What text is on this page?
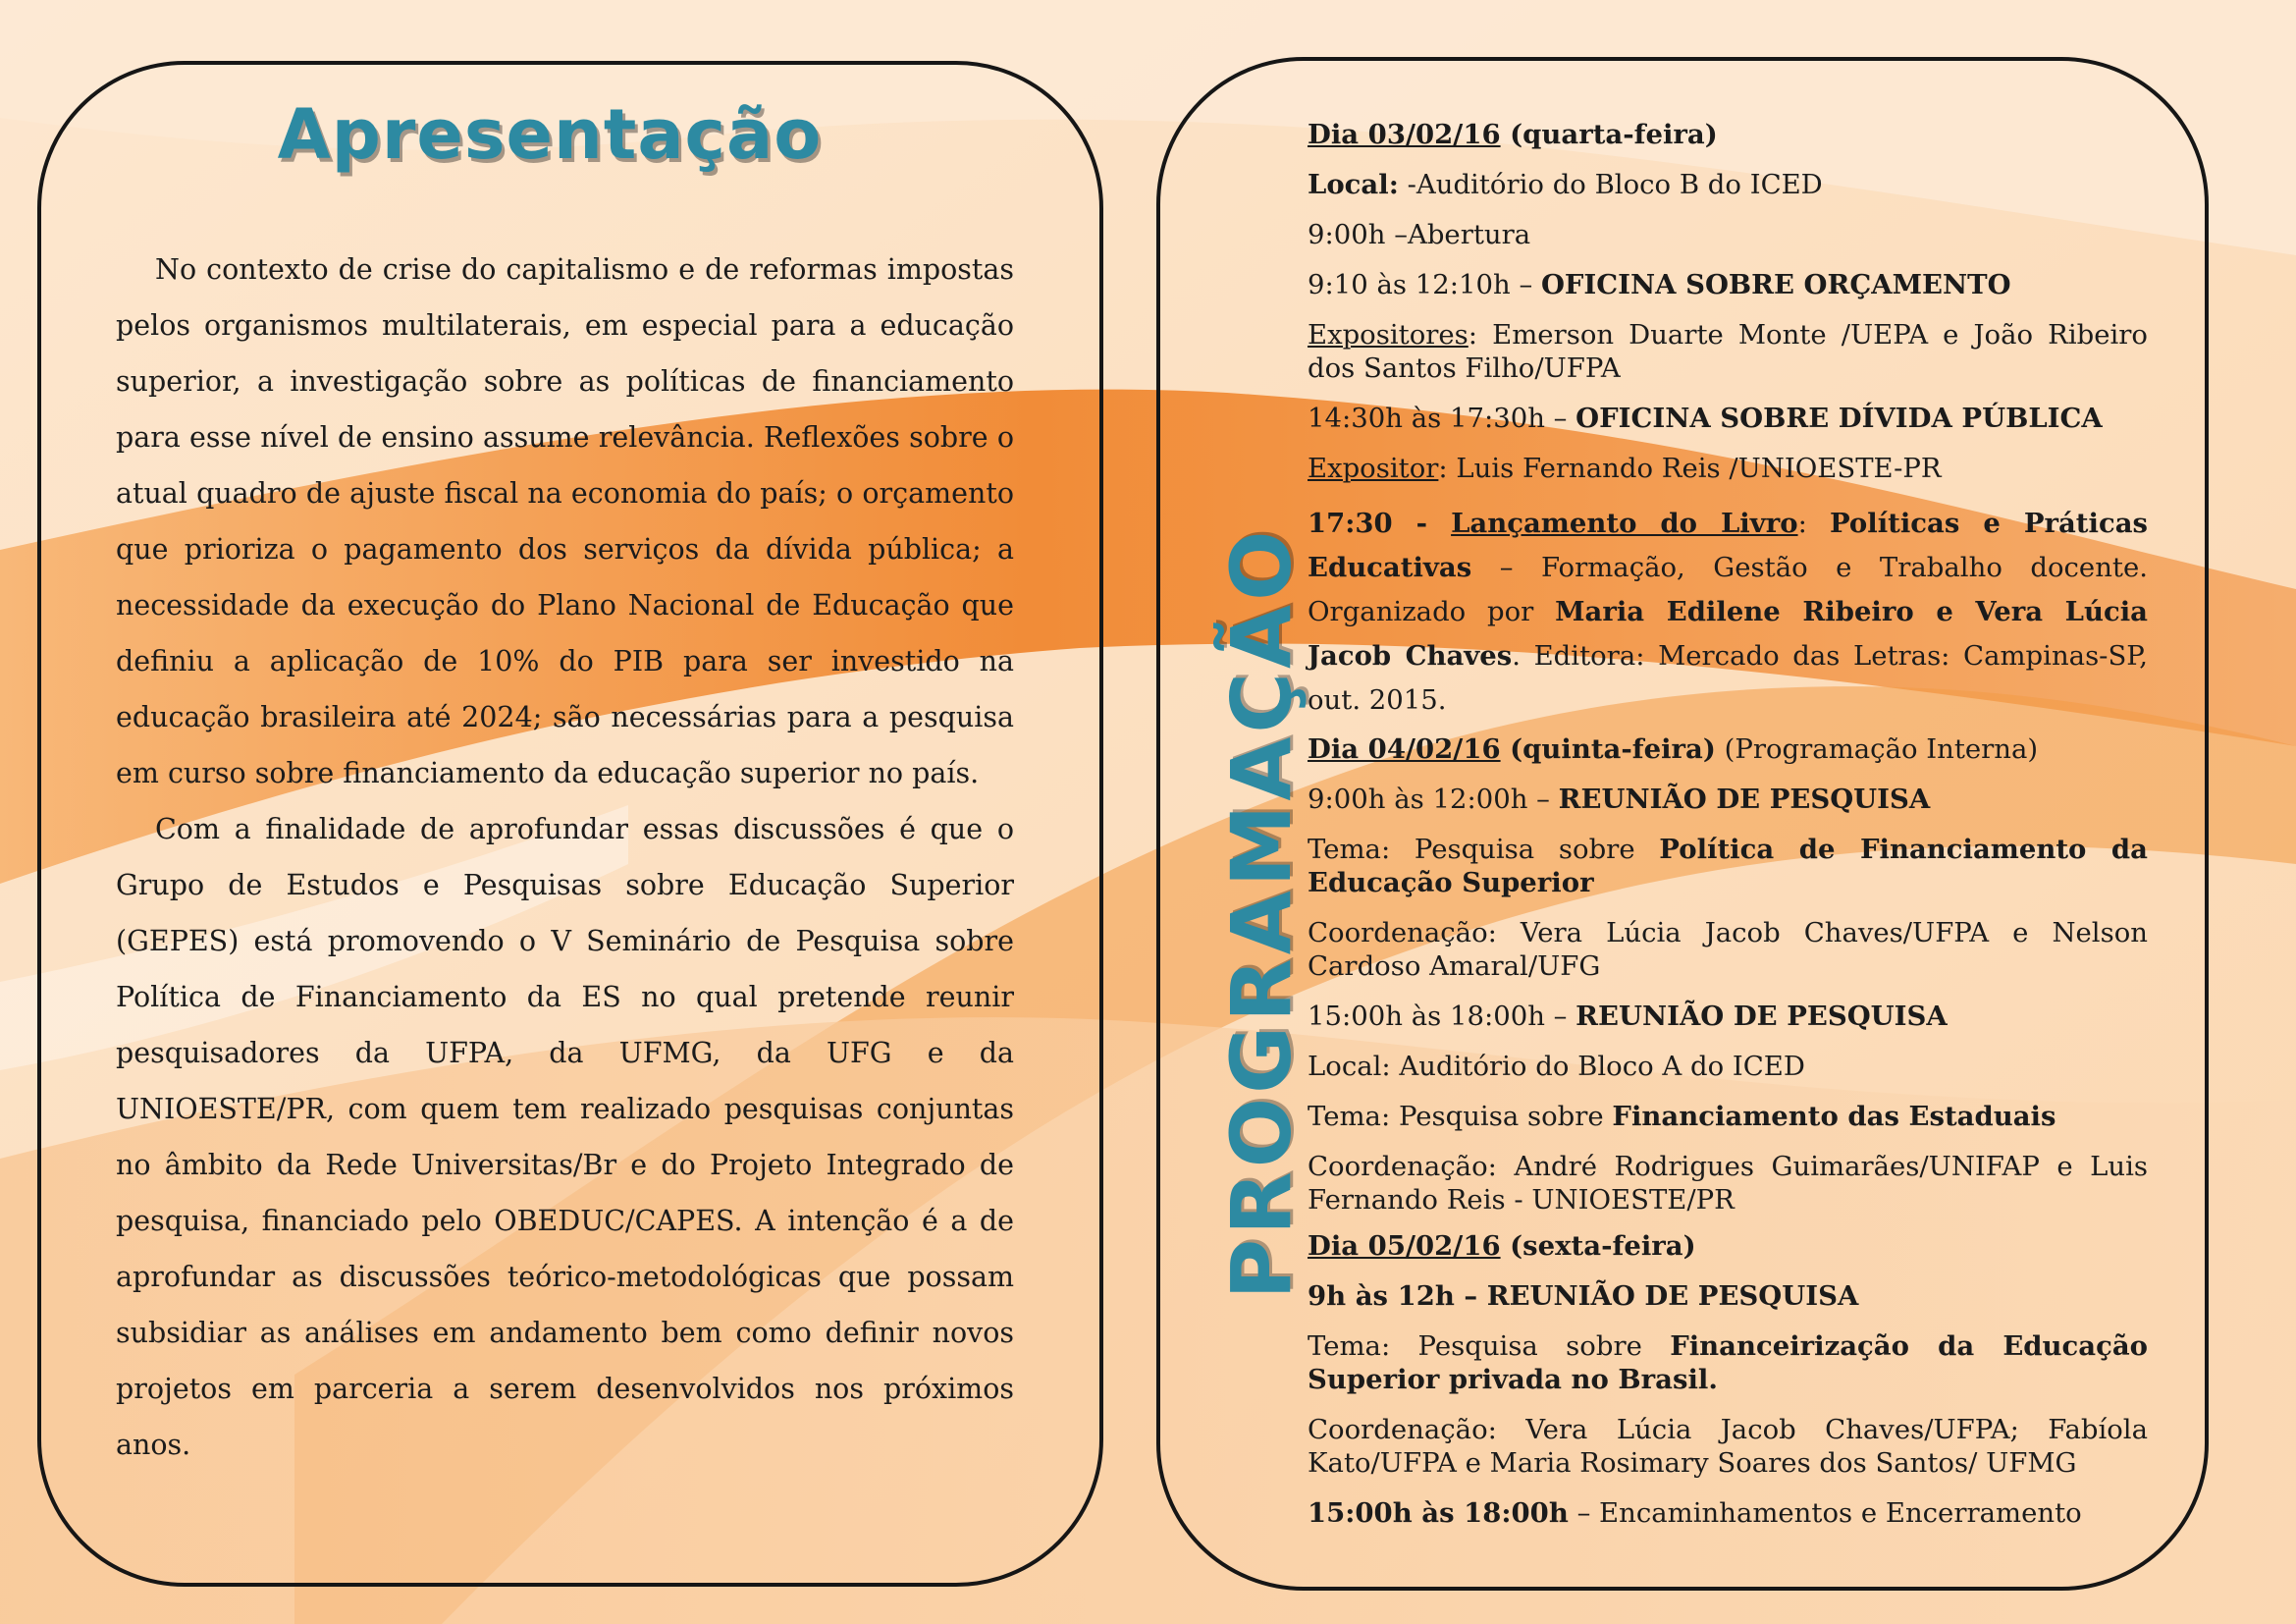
Apresentação

No contexto de crise do capitalismo e de reformas impostas pelos organismos multilaterais, em especial para a educação superior, a investigação sobre as políticas de financiamento para esse nível de ensino assume relevância. Reflexões sobre o atual quadro de ajuste fiscal na economia do país; o orçamento que prioriza o pagamento dos serviços da dívida pública; a necessidade da execução do Plano Nacional de Educação que definiu a aplicação de 10% do PIB para ser investido na educação brasileira até 2024; são necessárias para a pesquisa em curso sobre financiamento da educação superior no país.

Com a finalidade de aprofundar essas discussões é que o Grupo de Estudos e Pesquisas sobre Educação Superior (GEPES) está promovendo o V Seminário de Pesquisa sobre Política de Financiamento da ES no qual pretende reunir pesquisadores da UFPA, da UFMG, da UFG e da UNIOESTE/PR, com quem tem realizado pesquisas conjuntas no âmbito da Rede Universitas/Br e do Projeto Integrado de pesquisa, financiado pelo OBEDUC/CAPES. A intenção é a de aprofundar as discussões teórico-metodológicas que possam subsidiar as análises em andamento bem como definir novos projetos em parceria a serem desenvolvidos nos próximos anos.

PROGRAMAÇÃO
Dia 03/02/16 (quarta-feira)
Local: -Auditório do Bloco B do ICED
9:00h –Abertura
9:10 às 12:10h – OFICINA SOBRE ORÇAMENTO
Expositores: Emerson Duarte Monte /UEPA e João Ribeiro dos Santos Filho/UFPA
14:30h às 17:30h – OFICINA SOBRE DÍVIDA PÚBLICA
Expositor: Luis Fernando Reis /UNIOESTE-PR
17:30 - Lançamento do Livro: Políticas e Práticas Educativas – Formação, Gestão e Trabalho docente. Organizado por Maria Edilene Ribeiro e Vera Lúcia Jacob Chaves. Editora: Mercado das Letras: Campinas-SP, out. 2015.
Dia 04/02/16 (quinta-feira) (Programação Interna)
9:00h às 12:00h – REUNIÃO DE PESQUISA
Tema: Pesquisa sobre Política de Financiamento da Educação Superior
Coordenação: Vera Lúcia Jacob Chaves/UFPA e Nelson Cardoso Amaral/UFG
15:00h às 18:00h – REUNIÃO DE PESQUISA
Local: Auditório do Bloco A do ICED
Tema: Pesquisa sobre Financiamento das Estaduais
Coordenação: André Rodrigues Guimarães/UNIFAP e Luis Fernando Reis - UNIOESTE/PR
Dia 05/02/16 (sexta-feira)
9h às 12h – REUNIÃO DE PESQUISA
Tema: Pesquisa sobre Financeirização da Educação Superior privada no Brasil.
Coordenação: Vera Lúcia Jacob Chaves/UFPA; Fabíola Kato/UFPA e Maria Rosimary Soares dos Santos/ UFMG
15:00h às 18:00h – Encaminhamentos e Encerramento
